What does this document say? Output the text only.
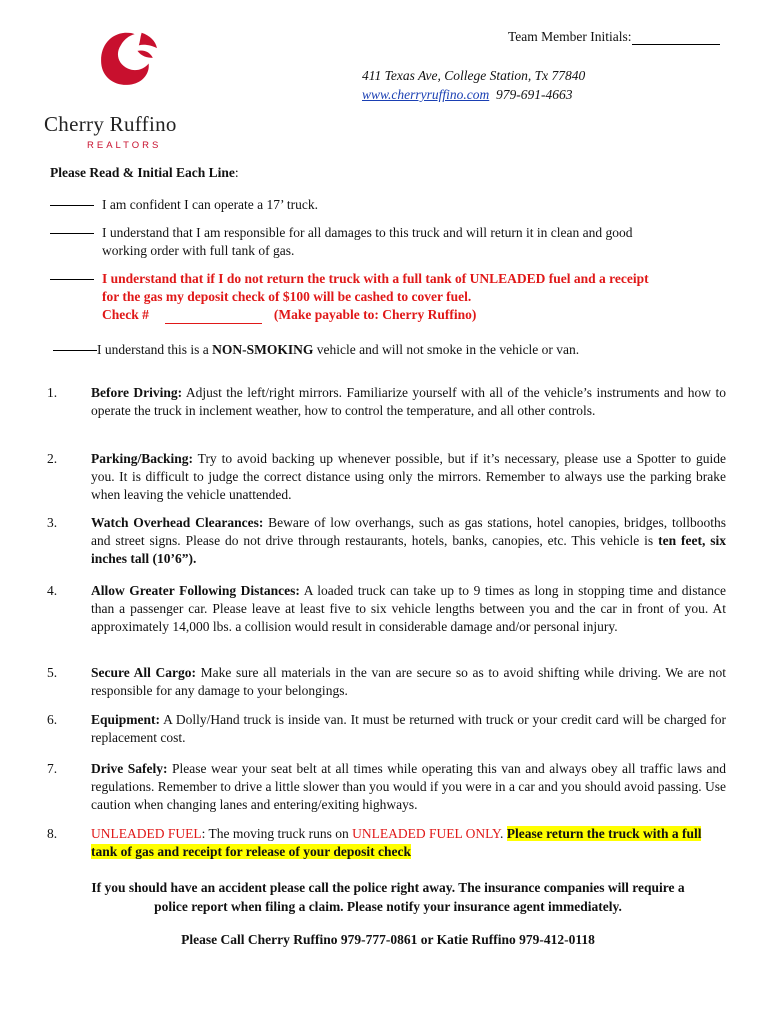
Cherry Ruffino
REALTORS
Team Member Initials:
411 Texas Ave, College Station, Tx 77840
www.cherryruffino.com 979-691-4663
Please Read & Initial Each Line:
I am confident I can operate a 17’ truck.
I understand that I am responsible for all damages to this truck and will return it in clean and good
working order with full tank of gas.
I understand that if I do not return the truck with a full tank of UNLEADED fuel and a receipt
for the gas my deposit check of $100 will be cashed to cover fuel.
Check #	(Make payable to: Cherry Ruffino)
I understand this is a NON-SMOKING vehicle and will not smoke in the vehicle or van.
1.	Before Driving: Adjust the left/right mirrors. Familiarize yourself with all of the vehicle’s instruments and how to operate the truck in inclement weather, how to control the temperature, and all other controls.
2.	Parking/Backing: Try to avoid backing up whenever possible, but if it’s necessary, please use a Spotter to guide you. It is difficult to judge the correct distance using only the mirrors. Remember to always use the parking brake when leaving the vehicle unattended.
3.	Watch Overhead Clearances: Beware of low overhangs, such as gas stations, hotel canopies, bridges, tollbooths and street signs. Please do not drive through restaurants, hotels, banks, canopies, etc. This vehicle is ten feet, six inches tall (10’6”).
4.	Allow Greater Following Distances: A loaded truck can take up to 9 times as long in stopping time and distance than a passenger car. Please leave at least five to six vehicle lengths between you and the car in front of you. At approximately 14,000 lbs. a collision would result in considerable damage and/or personal injury.
5.	Secure All Cargo: Make sure all materials in the van are secure so as to avoid shifting while driving. We are not responsible for any damage to your belongings.
6.	Equipment: A Dolly/Hand truck is inside van. It must be returned with truck or your credit card will be charged for replacement cost.
7.	Drive Safely: Please wear your seat belt at all times while operating this van and always obey all traffic laws and regulations. Remember to drive a little slower than you would if you were in a car and you should avoid passing. Use caution when changing lanes and entering/exiting highways.
8.	UNLEADED FUEL: The moving truck runs on UNLEADED FUEL ONLY. Please return the truck with a full tank of gas and receipt for release of your deposit check
If you should have an accident please call the police right away. The insurance companies will require a
police report when filing a claim. Please notify your insurance agent immediately.
Please Call Cherry Ruffino 979-777-0861 or Katie Ruffino 979-412-0118
